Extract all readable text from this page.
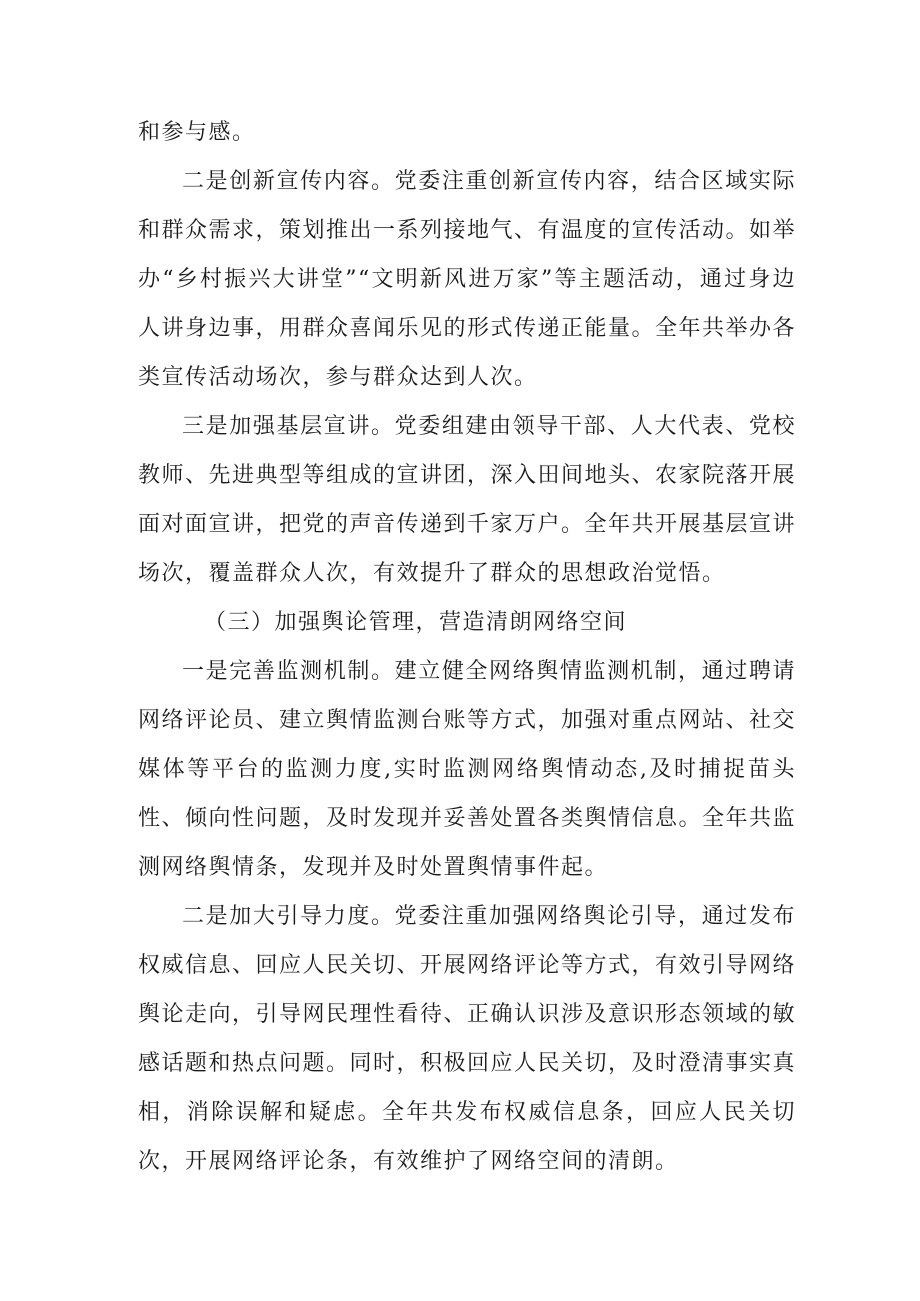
和参与感。

二是创新宣传内容。党委注重创新宣传内容，结合区域实际和群众需求，策划推出一系列接地气、有温度的宣传活动。如举办“乡村振兴大讲堂”“文明新风进万家”等主题活动，通过身边人讲身边事，用群众喜闻乐见的形式传递正能量。全年共举办各类宣传活动场次，参与群众达到人次。

三是加强基层宣讲。党委组建由领导干部、人大代表、党校教师、先进典型等组成的宣讲团，深入田间地头、农家院落开展面对面宣讲，把党的声音传递到千家万户。全年共开展基层宣讲场次，覆盖群众人次，有效提升了群众的思想政治觉悟。

（三）加强舆论管理，营造清朗网络空间

一是完善监测机制。建立健全网络舆情监测机制，通过聘请网络评论员、建立舆情监测台账等方式，加强对重点网站、社交媒体等平台的监测力度,实时监测网络舆情动态,及时捕捉苗头性、倾向性问题，及时发现并妥善处置各类舆情信息。全年共监测网络舆情条，发现并及时处置舆情事件起。

二是加大引导力度。党委注重加强网络舆论引导，通过发布权威信息、回应人民关切、开展网络评论等方式，有效引导网络舆论走向，引导网民理性看待、正确认识涉及意识形态领域的敏感话题和热点问题。同时，积极回应人民关切，及时澄清事实真相，消除误解和疑虑。全年共发布权威信息条，回应人民关切次，开展网络评论条，有效维护了网络空间的清朗。
